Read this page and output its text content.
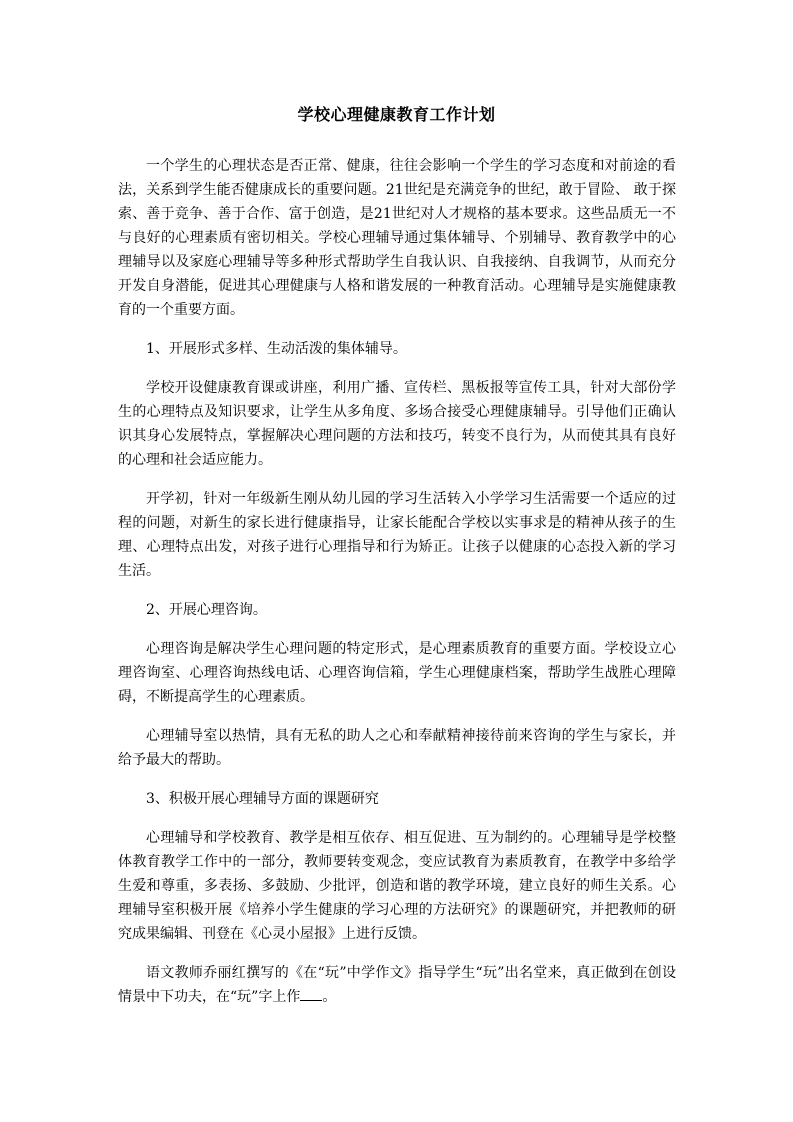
学校心理健康教育工作计划

一个学生的心理状态是否正常、健康，往往会影响一个学生的学习态度和对前途的看法，关系到学生能否健康成长的重要问题。21世纪是充满竞争的世纪，敢于冒险、 敢于探索、善于竞争、善于合作、富于创造，是21世纪对人才规格的基本要求。这些品质无一不与良好的心理素质有密切相关。学校心理辅导通过集体辅导、个别辅导、教育教学中的心理辅导以及家庭心理辅导等多种形式帮助学生自我认识、自我接纳、自我调节，从而充分开发自身潜能，促进其心理健康与人格和谐发展的一种教育活动。心理辅导是实施健康教育的一个重要方面。

1、开展形式多样、生动活泼的集体辅导。

学校开设健康教育课或讲座，利用广播、宣传栏、黑板报等宣传工具，针对大部份学生的心理特点及知识要求，让学生从多角度、多场合接受心理健康辅导。引导他们正确认识其身心发展特点，掌握解决心理问题的方法和技巧，转变不良行为，从而使其具有良好的心理和社会适应能力。

开学初，针对一年级新生刚从幼儿园的学习生活转入小学学习生活需要一个适应的过程的问题，对新生的家长进行健康指导，让家长能配合学校以实事求是的精神从孩子的生理、心理特点出发，对孩子进行心理指导和行为矫正。让孩子以健康的心态投入新的学习生活。

2、开展心理咨询。

心理咨询是解决学生心理问题的特定形式，是心理素质教育的重要方面。学校设立心理咨询室、心理咨询热线电话、心理咨询信箱，学生心理健康档案，帮助学生战胜心理障碍，不断提高学生的心理素质。

心理辅导室以热情，具有无私的助人之心和奉献精神接待前来咨询的学生与家长，并给予最大的帮助。

3、积极开展心理辅导方面的课题研究

心理辅导和学校教育、教学是相互依存、相互促进、互为制约的。心理辅导是学校整体教育教学工作中的一部分，教师要转变观念，变应试教育为素质教育，在教学中多给学生爱和尊重，多表扬、多鼓励、少批评，创造和谐的教学环境，建立良好的师生关系。心理辅导室积极开展《培养小学生健康的学习心理的方法研究》的课题研究，并把教师的研究成果编辑、刊登在《心灵小屋报》上进行反馈。

语文教师乔丽红撰写的《在“玩”中学作文》指导学生“玩”出名堂来，真正做到在创设情景中下功夫，在“玩”字上作 。
